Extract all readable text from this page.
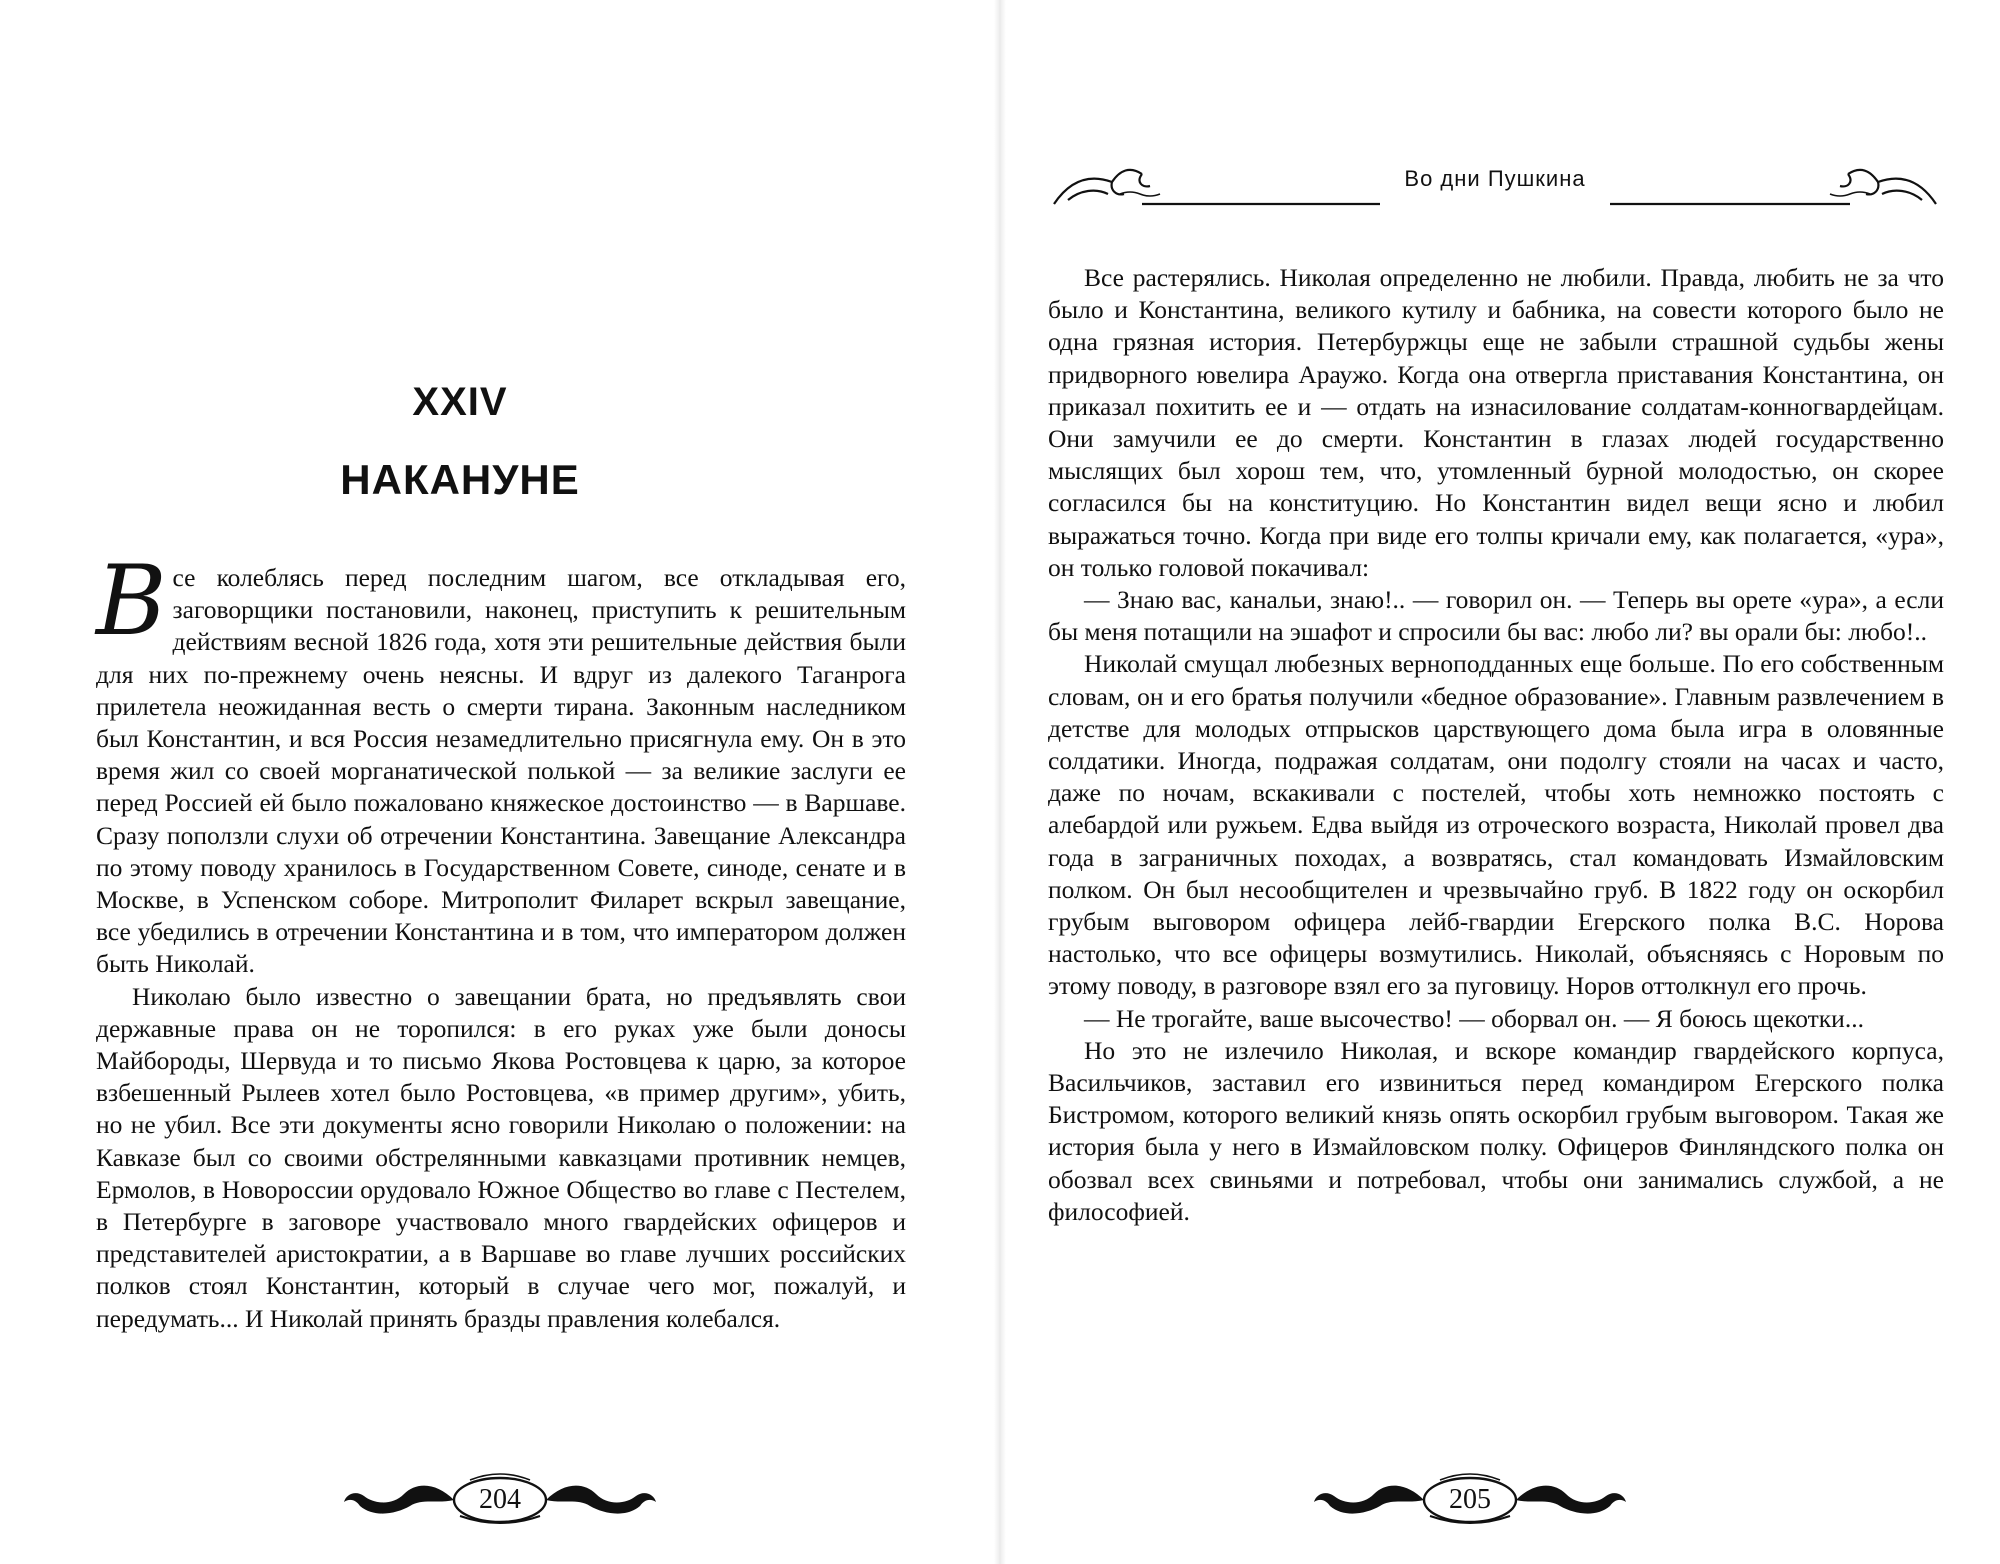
Во дни Пушкина
XXIV
НАКАНУНЕ

Все колеблясь перед последним шагом, все откладывая его, заговорщики постановили, наконец, приступить к решительным действиям весной 1826 года, хотя эти решительные действия были для них по-прежнему очень неясны. И вдруг из далекого Таганрога прилетела неожиданная весть о смерти тирана. Законным наследником был Константин, и вся Россия незамедлительно присягнула ему. Он в это время жил со своей морганатической полькой — за великие заслуги ее перед Россией ей было пожаловано княжеское достоинство — в Варшаве. Сразу поползли слухи об отречении Константина. Завещание Александра по этому поводу хранилось в Государственном Совете, синоде, сенате и в Москве, в Успенском соборе. Митрополит Филарет вскрыл завещание, все убедились в отречении Константина и в том, что императором должен быть Николай.

Николаю было известно о завещании брата, но предъявлять свои державные права он не торопился: в его руках уже были доносы Майбороды, Шервуда и то письмо Якова Ростовцева к царю, за которое взбешенный Рылеев хотел было Ростовцева, «в пример другим», убить, но не убил. Все эти документы ясно говорили Николаю о положении: на Кавказе был со своими обстрелянными кавказцами противник немцев, Ермолов, в Новороссии орудовало Южное Общество во главе с Пестелем, в Петербурге в заговоре участвовало много гвардейских офицеров и представителей аристократии, а в Варшаве во главе лучших российских полков стоял Константин, который в случае чего мог, пожалуй, и передумать... И Николай принять бразды правления колебался.

Все растерялись. Николая определенно не любили. Правда, любить не за что было и Константина, великого кутилу и бабника, на совести которого было не одна грязная история. Петербуржцы еще не забыли страшной судьбы жены придворного ювелира Араужо. Когда она отвергла приставания Константина, он приказал похитить ее и — отдать на изнасилование солдатам-конногвардейцам. Они замучили ее до смерти. Константин в глазах людей государственно мыслящих был хорош тем, что, утомленный бурной молодостью, он скорее согласился бы на конституцию. Но Константин видел вещи ясно и любил выражаться точно. Когда при виде его толпы кричали ему, как полагается, «ура», он только головой покачивал:

— Знаю вас, канальи, знаю!.. — говорил он. — Теперь вы орете «ура», а если бы меня потащили на эшафот и спросили бы вас: любо ли? вы орали бы: любо!..

Николай смущал любезных верноподданных еще больше. По его собственным словам, он и его братья получили «бедное образование». Главным развлечением в детстве для молодых отпрысков царствующего дома была игра в оловянные солдатики. Иногда, подражая солдатам, они подолгу стояли на часах и часто, даже по ночам, вскакивали с постелей, чтобы хоть немножко постоять с алебардой или ружьем. Едва выйдя из отроческого возраста, Николай провел два года в заграничных походах, а возвратясь, стал командовать Измайловским полком. Он был несообщителен и чрезвычайно груб. В 1822 году он оскорбил грубым выговором офицера лейб-гвардии Егерского полка В.С. Норова настолько, что все офицеры возмутились. Николай, объясняясь с Норовым по этому поводу, в разговоре взял его за пуговицу. Норов оттолкнул его прочь.

— Не трогайте, ваше высочество! — оборвал он. — Я боюсь щекотки...

Но это не излечило Николая, и вскоре командир гвардейского корпуса, Васильчиков, заставил его извиниться перед командиром Егерского полка Бистромом, которого великий князь опять оскорбил грубым выговором. Такая же история была у него в Измайловском полку. Офицеров Финляндского полка он обозвал всех свиньями и потребовал, чтобы они занимались службой, а не философией.

204	205
